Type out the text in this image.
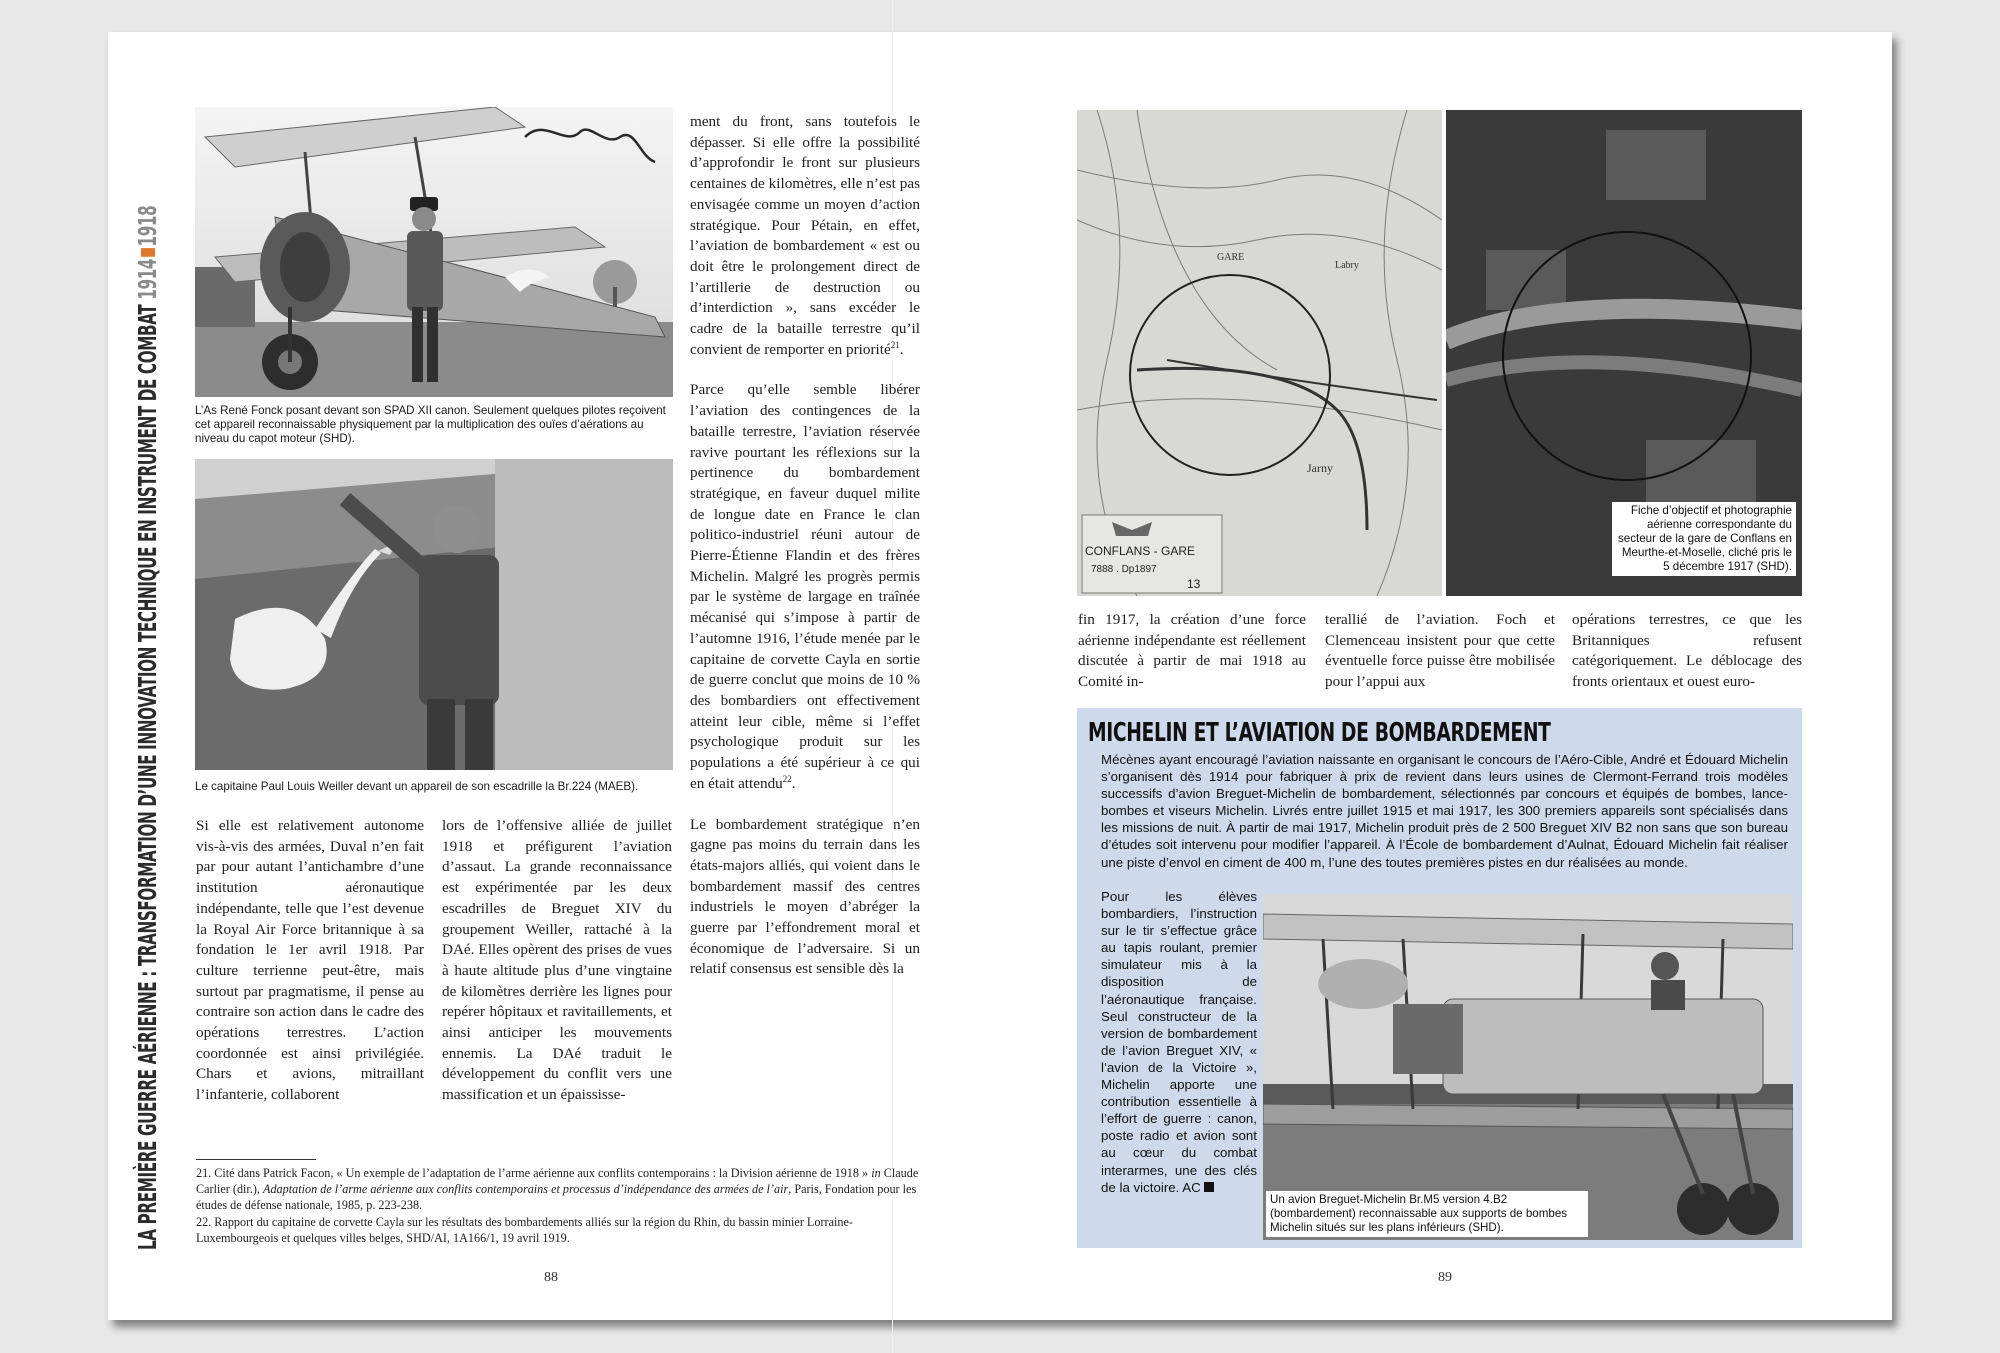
LA PREMIÈRE GUERRE AÉRIENNE : TRANSFORMATION D’UNE INNOVATION TECHNIQUE EN INSTRUMENT DE COMBAT 19141918
L’As René Fonck posant devant son SPAD XII canon. Seulement quelques pilotes reçoivent cet appareil reconnaissable physiquement par la multiplication des ouïes d’aérations au niveau du capot moteur (SHD).
Le capitaine Paul Louis Weiller devant un appareil de son escadrille la Br.224 (MAEB).

Si elle est relativement autonome vis-à-vis des armées, Duval n’en fait par pour autant l’antichambre d’une institution aéronautique indépendante, telle que l’est devenue la Royal Air Force britannique à sa fondation le 1er avril 1918. Par culture terrienne peut-être, mais surtout par pragmatisme, il pense au contraire son action dans le cadre des opérations terrestres. L’action coordonnée est ainsi privilégiée. Chars et avions, mitraillant l’infanterie, collaborent

lors de l’offensive alliée de juillet 1918 et préfigurent l’aviation d’assaut. La grande reconnaissance est expérimentée par les deux escadrilles de Breguet XIV du groupement Weiller, rattaché à la DAé. Elles opèrent des prises de vues à haute altitude plus d’une vingtaine de kilomètres derrière les lignes pour repérer hôpitaux et ravitaillements, et ainsi anticiper les mouvements ennemis. La DAé traduit le développement du conflit vers une massification et un épaississe-

ment du front, sans toutefois le dépasser. Si elle offre la possibilité d’approfondir le front sur plusieurs centaines de kilomètres, elle n’est pas envisagée comme un moyen d’action stratégique. Pour Pétain, en effet, l’aviation de bombardement « est ou doit être le prolongement direct de l’artillerie de destruction ou d’interdiction », sans excéder le cadre de la bataille terrestre qu’il convient de remporter en priorité$^{21}$.

Parce qu’elle semble libérer l’aviation des contingences de la bataille terrestre, l’aviation réservée ravive pourtant les réflexions sur la pertinence du bombardement stratégique, en faveur duquel milite de longue date en France le clan politico-industriel réuni autour de Pierre-Étienne Flandin et des frères Michelin. Malgré les progrès permis par le système de largage en traînée mécanisé qui s’impose à partir de l’automne 1916, l’étude menée par le capitaine de corvette Cayla en sortie de guerre conclut que moins de 10 % des bombardiers ont effectivement atteint leur cible, même si l’effet psychologique produit sur les populations a été supérieur à ce qui en était attendu$^{22}$.

Le bombardement stratégique n’en gagne pas moins du terrain dans les états-majors alliés, qui voient dans le bombardement massif des centres industriels le moyen d’abréger la guerre par l’effondrement moral et économique de l’adversaire. Si un relatif consensus est sensible dès la

21. Cité dans Patrick Facon, « Un exemple de l’adaptation de l’arme aérienne aux conflits contemporains : la Division aérienne de 1918 » in Claude Carlier (dir.), Adaptation de l’arme aérienne aux conflits contemporains et processus d’indépendance des armées de l’air, Paris, Fondation pour les études de défense nationale, 1985, p. 223-238.
22. Rapport du capitaine de corvette Cayla sur les résultats des bombardements alliés sur la région du Rhin, du bassin minier Lorraine-Luxembourgeois et quelques villes belges, SHD/AI, 1A166/1, 19 avril 1919.
88
GARE
Labry
Jarny
CONFLANS - GARE
7888 . Dp1897
13
Fiche d’objectif et photographie aérienne correspondante du secteur de la gare de Conflans en Meurthe-et-Moselle, cliché pris le 5 décembre 1917 (SHD).

fin 1917, la création d’une force aérienne indépendante est réellement discutée à partir de mai 1918 au Comité in-

terallié de l’aviation. Foch et Clemenceau insistent pour que cette éventuelle force puisse être mobilisée pour l’appui aux

opérations terrestres, ce que les Britanniques refusent catégoriquement. Le déblocage des fronts orientaux et ouest euro-

MICHELIN ET L’AVIATION DE BOMBARDEMENT
Mécènes ayant encouragé l’aviation naissante en organisant le concours de l’Aéro-Cible, André et Édouard Michelin s’organisent dès 1914 pour fabriquer à prix de revient dans leurs usines de Clermont-Ferrand trois modèles successifs d’avion Breguet-Michelin de bombardement, sélectionnés par concours et équipés de bombes, lance-bombes et viseurs Michelin. Livrés entre juillet 1915 et mai 1917, les 300 premiers appareils sont spécialisés dans les missions de nuit. À partir de mai 1917, Michelin produit près de 2 500 Breguet XIV B2 non sans que son bureau d’études soit intervenu pour modifier l’appareil. À l’École de bombardement d’Aulnat, Édouard Michelin fait réaliser une piste d’envol en ciment de 400 m, l’une des toutes premières pistes en dur réalisées au monde.
Pour les élèves bombardiers, l’instruction sur le tir s’effectue grâce au tapis roulant, premier simulateur mis à la disposition de l’aéronautique française. Seul constructeur de la version de bombardement de l’avion Breguet XIV, « l’avion de la Victoire », Michelin apporte une contribution essentielle à l’effort de guerre : canon, poste radio et avion sont au cœur du combat interarmes, une des clés de la victoire. AC
Un avion Breguet-Michelin Br.M5 version 4.B2 (bombardement) reconnaissable aux supports de bombes Michelin situés sur les plans inférieurs (SHD).
89
